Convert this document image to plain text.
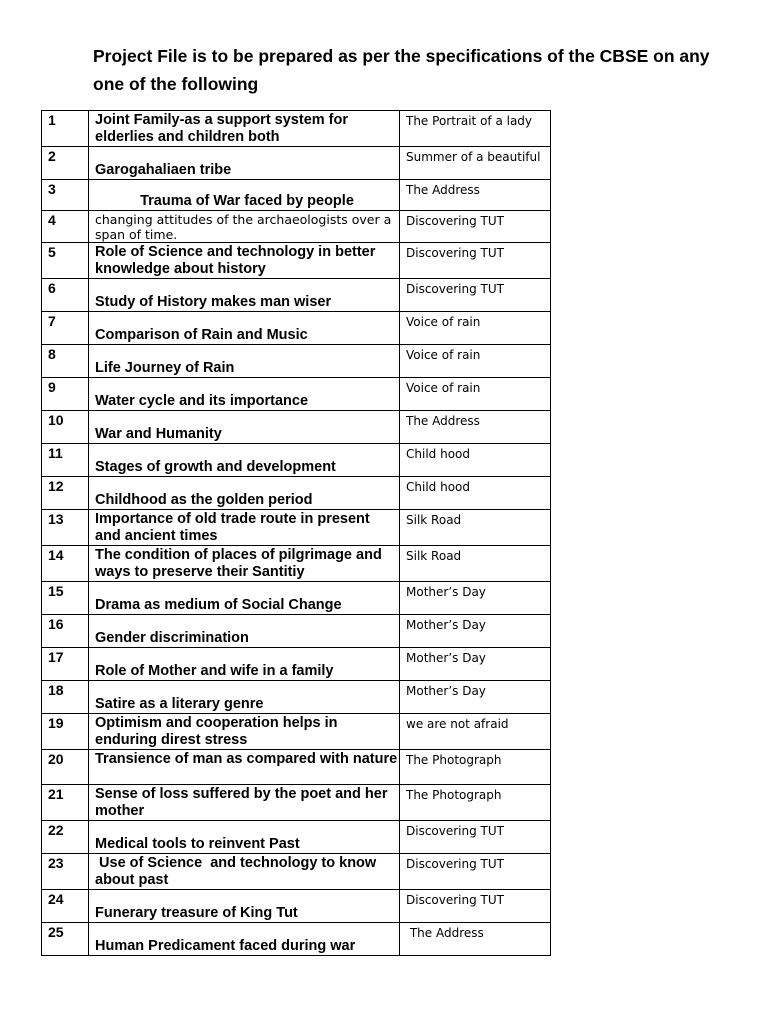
Project File is to be prepared as per the specifications of the CBSE on any one of the following
1	Joint Family-as a support system for elderlies and children both	The Portrait of a lady
2	Garogahaliaen tribe	Summer of a beautiful
3	Trauma of War faced by people	The Address
4	changing attitudes of the archaeologists over a span of time.	Discovering TUT
5	Role of Science and technology in better knowledge about history	Discovering TUT
6	Study of History makes man wiser	Discovering TUT
7	Comparison of Rain and Music	Voice of rain
8	Life Journey of Rain	Voice of rain
9	Water cycle and its importance	Voice of rain
10	War and Humanity	The Address
11	Stages of growth and development	Child hood
12	Childhood as the golden period	Child hood
13	Importance of old trade route in present and ancient times	Silk Road
14	The condition of places of pilgrimage and ways to preserve their Santitiy	Silk Road
15	Drama as medium of Social Change	Mother’s Day
16	Gender discrimination	Mother’s Day
17	Role of Mother and wife in a family	Mother’s Day
18	Satire as a literary genre	Mother’s Day
19	Optimism and cooperation helps in enduring direst stress	we are not afraid
20	Transience of man as compared with nature	The Photograph
21	Sense of loss suffered by the poet and her mother	The Photograph
22	Medical tools to reinvent Past	Discovering TUT
23	Use of Science  and technology to know about past	Discovering TUT
24	Funerary treasure of King Tut	Discovering TUT
25	Human Predicament faced during war	The Address
